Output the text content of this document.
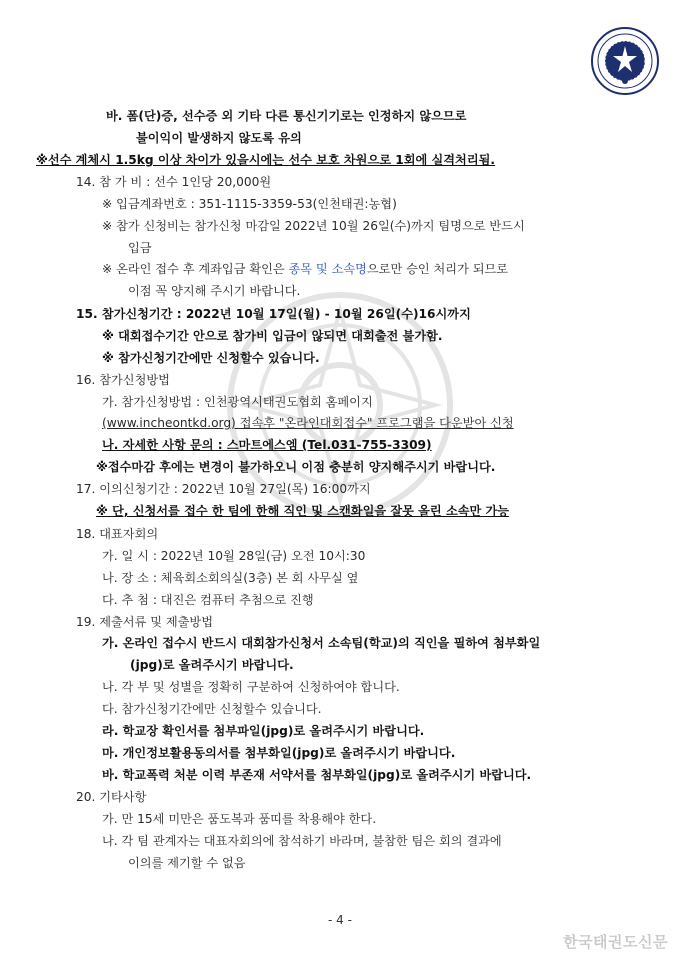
바. 폼(단)증, 선수증 외 기타 다른 통신기기로는 인정하지 않으므로
불이익이 발생하지 않도록 유의
※선수 계체시 1.5kg 이상 차이가 있을시에는 선수 보호 차원으로 1회에 실격처리됨.
14. 참 가 비 : 선수 1인당 20,000원
※ 입금계좌번호 : 351-1115-3359-53(인천태권:농협)
※ 참가 신청비는 참가신청 마감일 2022년 10월 26일(수)까지 팀명으로 반드시
입금
※ 온라인 접수 후 계좌입금 확인은 종목 및 소속명으로만 승인 처리가 되므로
이점 꼭 양지해 주시기 바랍니다.
15. 참가신청기간 : 2022년 10월 17일(월) - 10월 26일(수)16시까지
※ 대회접수기간 안으로 참가비 입금이 않되면 대회출전 불가함.
※ 참가신청기간에만 신청할수 있습니다.
16. 참가신청방법
가. 참가신청방법 : 인천광역시태권도협회 홈페이지
(www.incheontkd.org) 접속후 "온라인대회접수" 프로그램을 다운받아 신청
나. 자세한 사항 문의 : 스마트에스엠 (Tel.031-755-3309)
※접수마감 후에는 변경이 불가하오니 이점 충분히 양지해주시기 바랍니다.
17. 이의신청기간 : 2022년 10월 27일(목) 16:00까지
※ 단, 신청서를 접수 한 팀에 한해 직인 및 스캔화일을 잘못 올린 소속만 가능
18. 대표자회의
가. 일 시 : 2022년 10월 28일(금) 오전 10시:30
나. 장 소 : 체육회소회의실(3층) 본 회 사무실 옆
다. 추 첨 : 대진은 컴퓨터 추첨으로 진행
19. 제출서류 및 제출방법
가. 온라인 접수시 반드시 대회참가신청서 소속팀(학교)의 직인을 필하여 첨부화일
(jpg)로 올려주시기 바랍니다.
나. 각 부 및 성별을 정확히 구분하여 신청하여야 합니다.
다. 참가신청기간에만 신청할수 있습니다.
라. 학교장 확인서를 첨부파일(jpg)로 올려주시기 바랍니다.
마. 개인정보활용동의서를 첨부화일(jpg)로 올려주시기 바랍니다.
바. 학교폭력 처분 이력 부존재 서약서를 첨부화일(jpg)로 올려주시기 바랍니다.
20. 기타사항
가. 만 15세 미만은 품도복과 품띠를 착용해야 한다.
나. 각 팀 관계자는 대표자회의에 참석하기 바라며, 불참한 팀은 회의 결과에
이의를 제기할 수 없음
- 4 -
한국태권도신문
